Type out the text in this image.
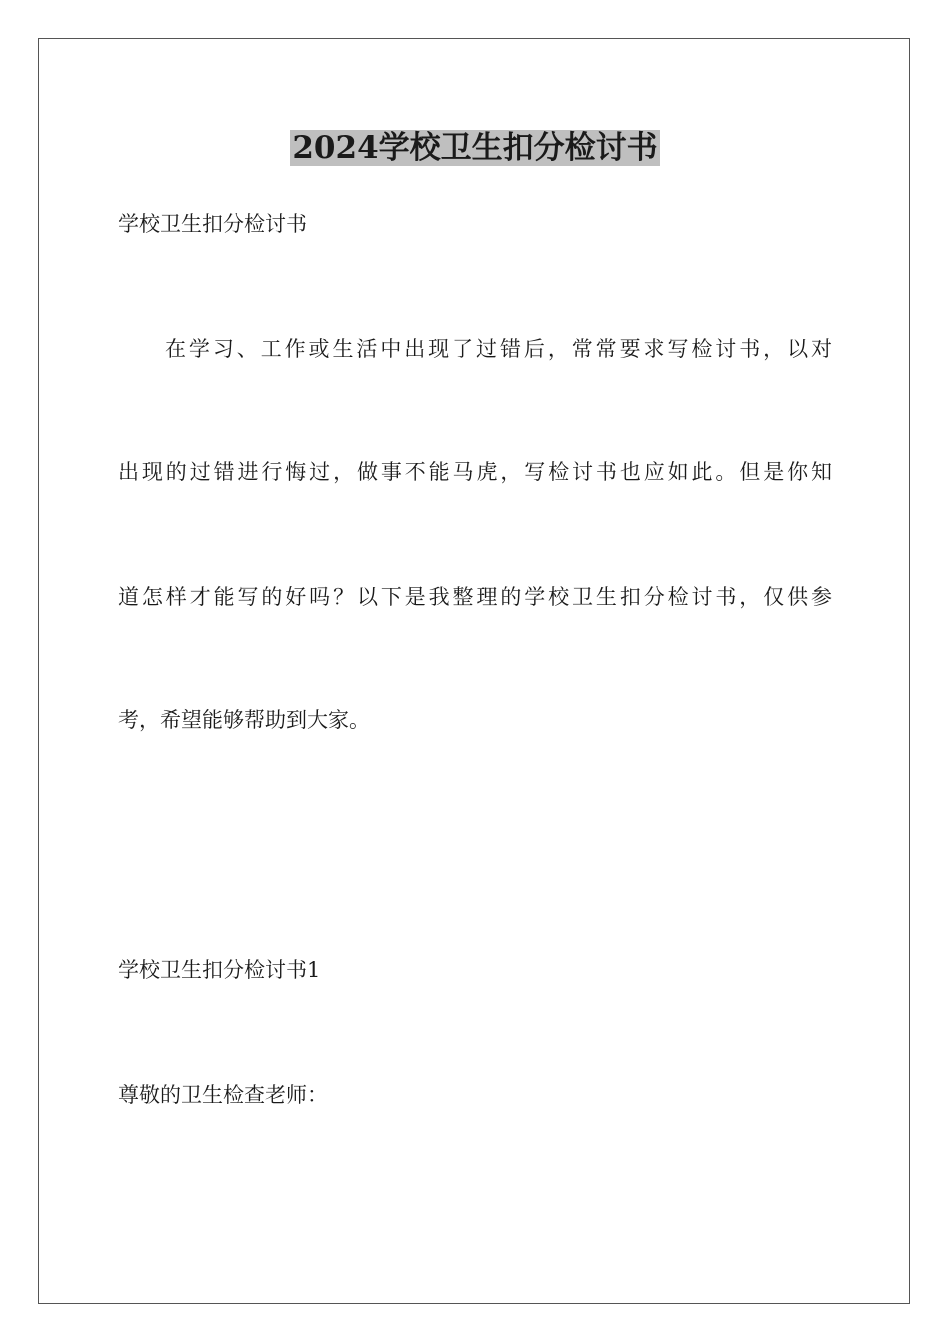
2024学校卫生扣分检讨书

学校卫生扣分检讨书

在学习、工作或生活中出现了过错后，常常要求写检讨书，以对

出现的过错进行悔过，做事不能马虎，写检讨书也应如此。但是你知

道怎样才能写的好吗？以下是我整理的学校卫生扣分检讨书，仅供参

考，希望能够帮助到大家。

学校卫生扣分检讨书1

尊敬的卫生检查老师：
